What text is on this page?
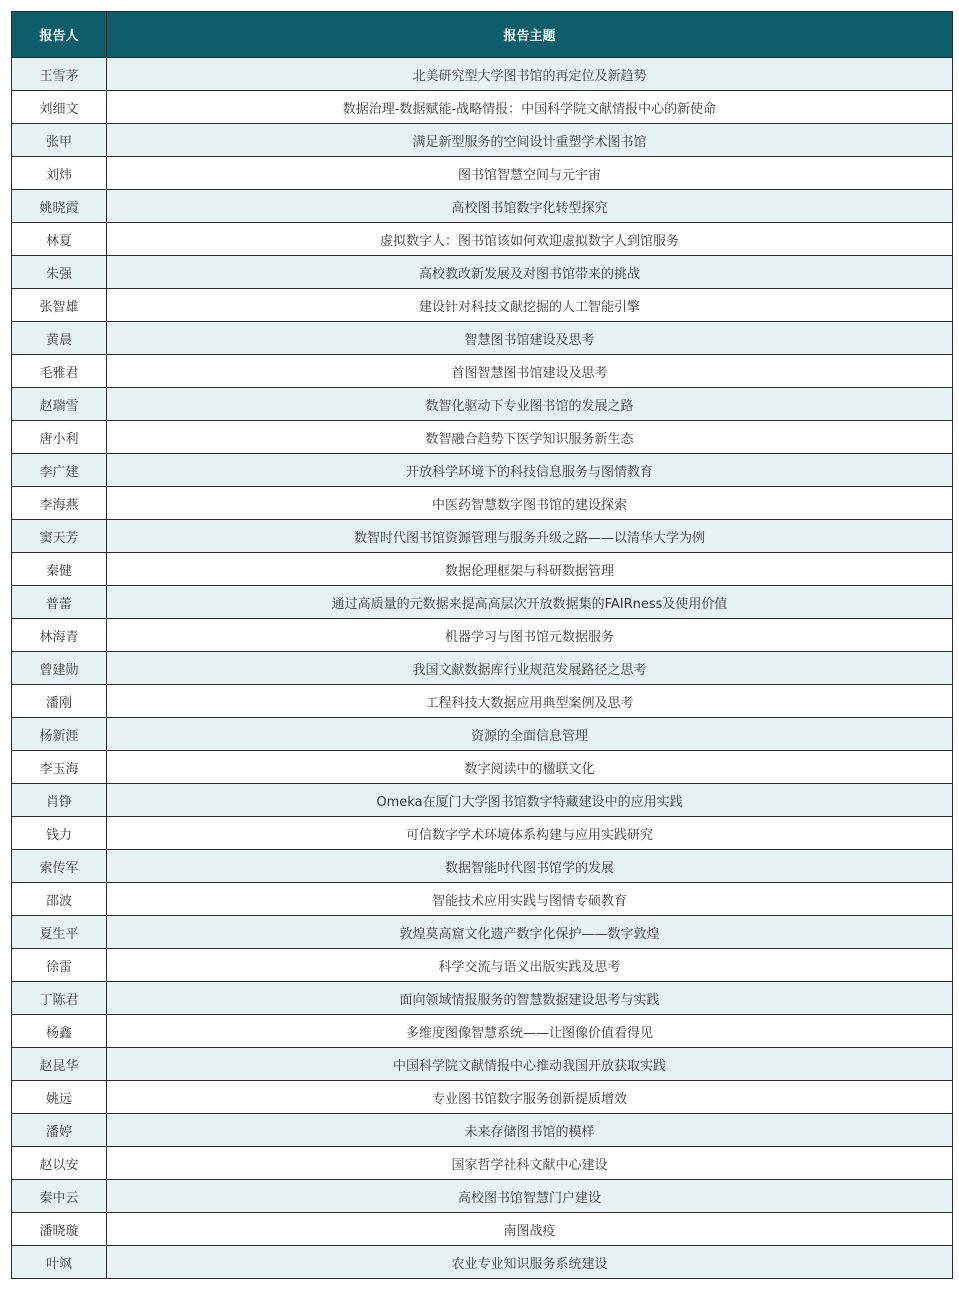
报告人	报告主题
王雪茅	北美研究型大学图书馆的再定位及新趋势
刘细文	数据治理-数据赋能-战略情报：中国科学院文献情报中心的新使命
张甲	满足新型服务的空间设计重塑学术图书馆
刘炜	图书馆智慧空间与元宇宙
姚晓霞	高校图书馆数字化转型探究
林夏	虚拟数字人：图书馆该如何欢迎虚拟数字人到馆服务
朱强	高校教改新发展及对图书馆带来的挑战
张智雄	建设针对科技文献挖掘的人工智能引擎
黄晨	智慧图书馆建设及思考
毛雅君	首图智慧图书馆建设及思考
赵瑞雪	数智化驱动下专业图书馆的发展之路
唐小利	数智融合趋势下医学知识服务新生态
李广建	开放科学环境下的科技信息服务与图情教育
李海燕	中医药智慧数字图书馆的建设探索
窦天芳	数智时代图书馆资源管理与服务升级之路——以清华大学为例
秦健	数据伦理框架与科研数据管理
普蕾	通过高质量的元数据来提高高层次开放数据集的FAIRness及使用价值
林海青	机器学习与图书馆元数据服务
曾建勋	我国文献数据库行业规范发展路径之思考
潘刚	工程科技大数据应用典型案例及思考
杨新涯	资源的全面信息管理
李玉海	数字阅读中的楹联文化
肖铮	Omeka在厦门大学图书馆数字特藏建设中的应用实践
钱力	可信数字学术环境体系构建与应用实践研究
索传军	数据智能时代图书馆学的发展
邵波	智能技术应用实践与图情专硕教育
夏生平	敦煌莫高窟文化遗产数字化保护——数字敦煌
徐雷	科学交流与语义出版实践及思考
丁陈君	面向领域情报服务的智慧数据建设思考与实践
杨鑫	多维度图像智慧系统——让图像价值看得见
赵昆华	中国科学院文献情报中心推动我国开放获取实践
姚远	专业图书馆数字服务创新提质增效
潘婷	未来存储图书馆的模样
赵以安	国家哲学社科文献中心建设
秦中云	高校图书馆智慧门户建设
潘晓璇	南图战疫
叶飒	农业专业知识服务系统建设
